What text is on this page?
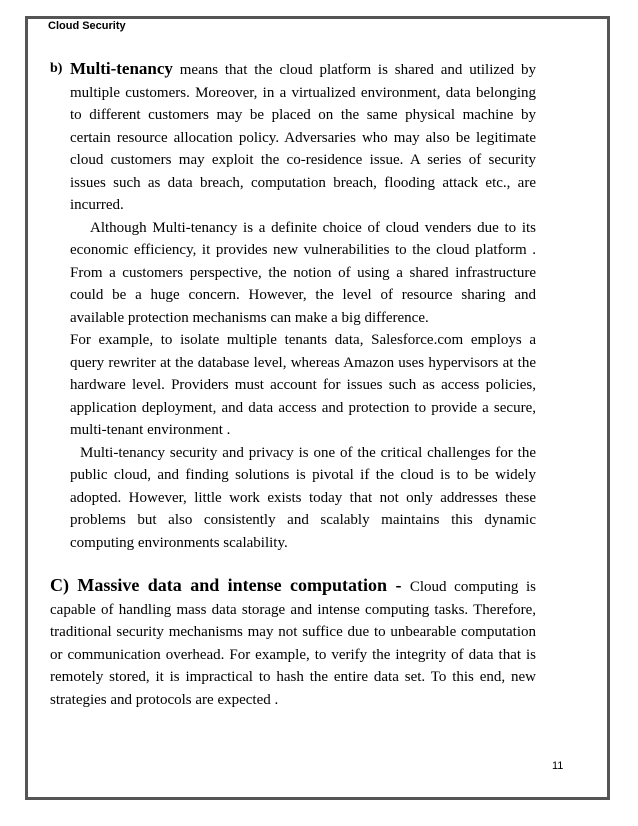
Cloud Security
b) Multi-tenancy means that the cloud platform is shared and utilized by multiple customers. Moreover, in a virtualized environment, data belonging to different customers may be placed on the same physical machine by certain resource allocation policy. Adversaries who may also be legitimate cloud customers may exploit the co-residence issue. A series of security issues such as data breach, computation breach, flooding attack etc., are incurred.

Although Multi-tenancy is a definite choice of cloud venders due to its economic efficiency, it provides new vulnerabilities to the cloud platform . From a customers perspective, the notion of using a shared infrastructure could be a huge concern. However, the level of resource sharing and available protection mechanisms can make a big difference.

For example, to isolate multiple tenants data, Salesforce.com employs a query rewriter at the database level, whereas Amazon uses hypervisors at the hardware level. Providers must account for issues such as access policies, application deployment, and data access and protection to provide a secure, multi-tenant environment .

Multi-tenancy security and privacy is one of the critical challenges for the public cloud, and finding solutions is pivotal if the cloud is to be widely adopted. However, little work exists today that not only addresses these problems but also consistently and scalably maintains this dynamic computing environments scalability.

C) Massive data and intense computation - Cloud computing is capable of handling mass data storage and intense computing tasks. Therefore, traditional security mechanisms may not suffice due to unbearable computation or communication overhead. For example, to verify the integrity of data that is remotely stored, it is impractical to hash the entire data set. To this end, new strategies and protocols are expected .

11
